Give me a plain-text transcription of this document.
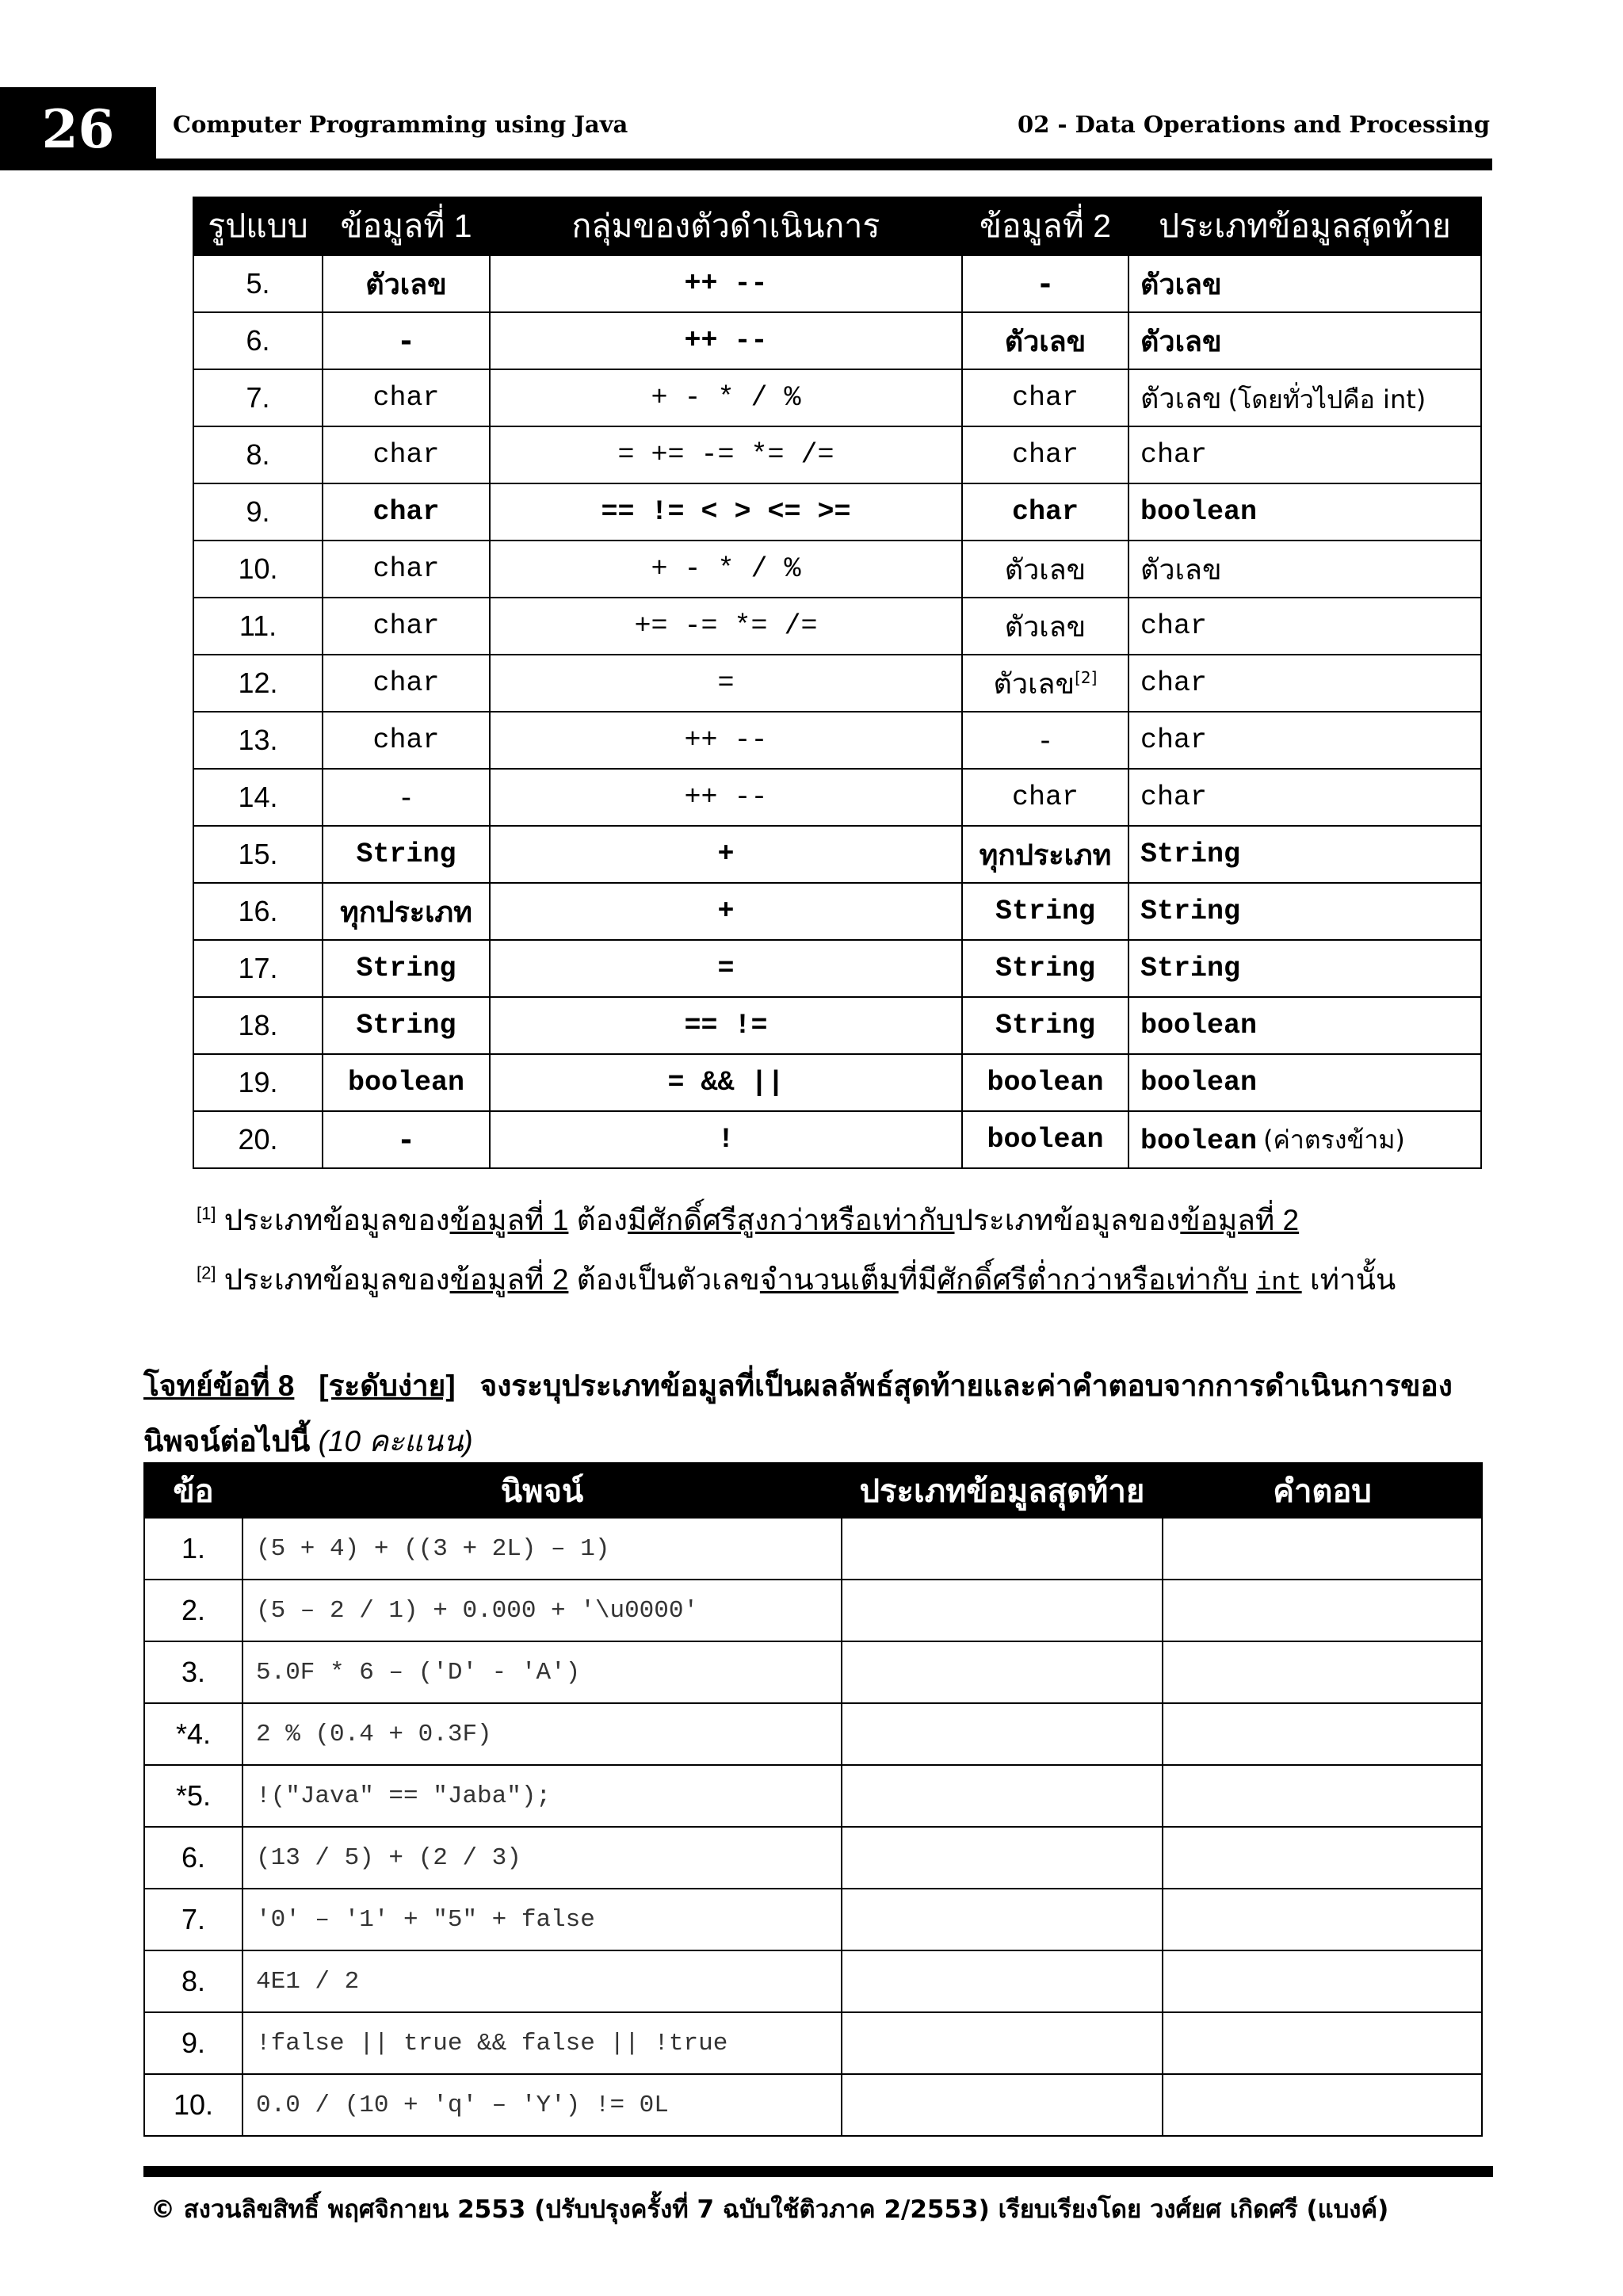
26	Computer Programming using Java	02 - Data Operations and Processing
รูปแบบ	ข้อมูลที่ 1	กลุ่มของตัวดำเนินการ	ข้อมูลที่ 2	ประเภทข้อมูลสุดท้าย
5.	ตัวเลข	++ --	-	ตัวเลข
6.	-	++ --	ตัวเลข	ตัวเลข
7.	char	+ - * / %	char	ตัวเลข (โดยทั่วไปคือ int)
8.	char	= += -= *= /=	char	char
9.	char	== != < > <= >=	char	boolean
10.	char	+ - * / %	ตัวเลข	ตัวเลข
11.	char	+= -= *= /=	ตัวเลข	char
12.	char	=	ตัวเลข[2]	char
13.	char	++ --	-	char
14.	-	++ --	char	char
15.	String	+	ทุกประเภท	String
16.	ทุกประเภท	+	String	String
17.	String	=	String	String
18.	String	== !=	String	boolean
19.	boolean	= && ||	boolean	boolean
20.	-	!	boolean	boolean (ค่าตรงข้าม)
[1] ประเภทข้อมูลของข้อมูลที่ 1 ต้องมีศักดิ์ศรีสูงกว่าหรือเท่ากับประเภทข้อมูลของข้อมูลที่ 2
[2] ประเภทข้อมูลของข้อมูลที่ 2 ต้องเป็นตัวเลขจำนวนเต็มที่มีศักดิ์ศรีต่ำกว่าหรือเท่ากับ int เท่านั้น
โจทย์ข้อที่ 8 [ระดับง่าย] จงระบุประเภทข้อมูลที่เป็นผลลัพธ์สุดท้ายและค่าคำตอบจากการดำเนินการของนิพจน์ต่อไปนี้ (10 คะแนน)
ข้อ	นิพจน์	ประเภทข้อมูลสุดท้าย	คำตอบ
1.	(5 + 4) + ((3 + 2L) – 1)		
2.	(5 – 2 / 1) + 0.000 + '\u0000'		
3.	5.0F * 6 – ('D' - 'A')		
*4.	2 % (0.4 + 0.3F)		
*5.	!("Java" == "Jaba");		
6.	(13 / 5) + (2 / 3)		
7.	'0' – '1' + "5" + false		
8.	4E1 / 2		
9.	!false || true && false || !true		
10.	0.0 / (10 + 'q' – 'Y') != 0L		
© สงวนลิขสิทธิ์ พฤศจิกายน 2553 (ปรับปรุงครั้งที่ 7 ฉบับใช้ติวภาค 2/2553) เรียบเรียงโดย วงศ์ยศ เกิดศรี (แบงค์)
